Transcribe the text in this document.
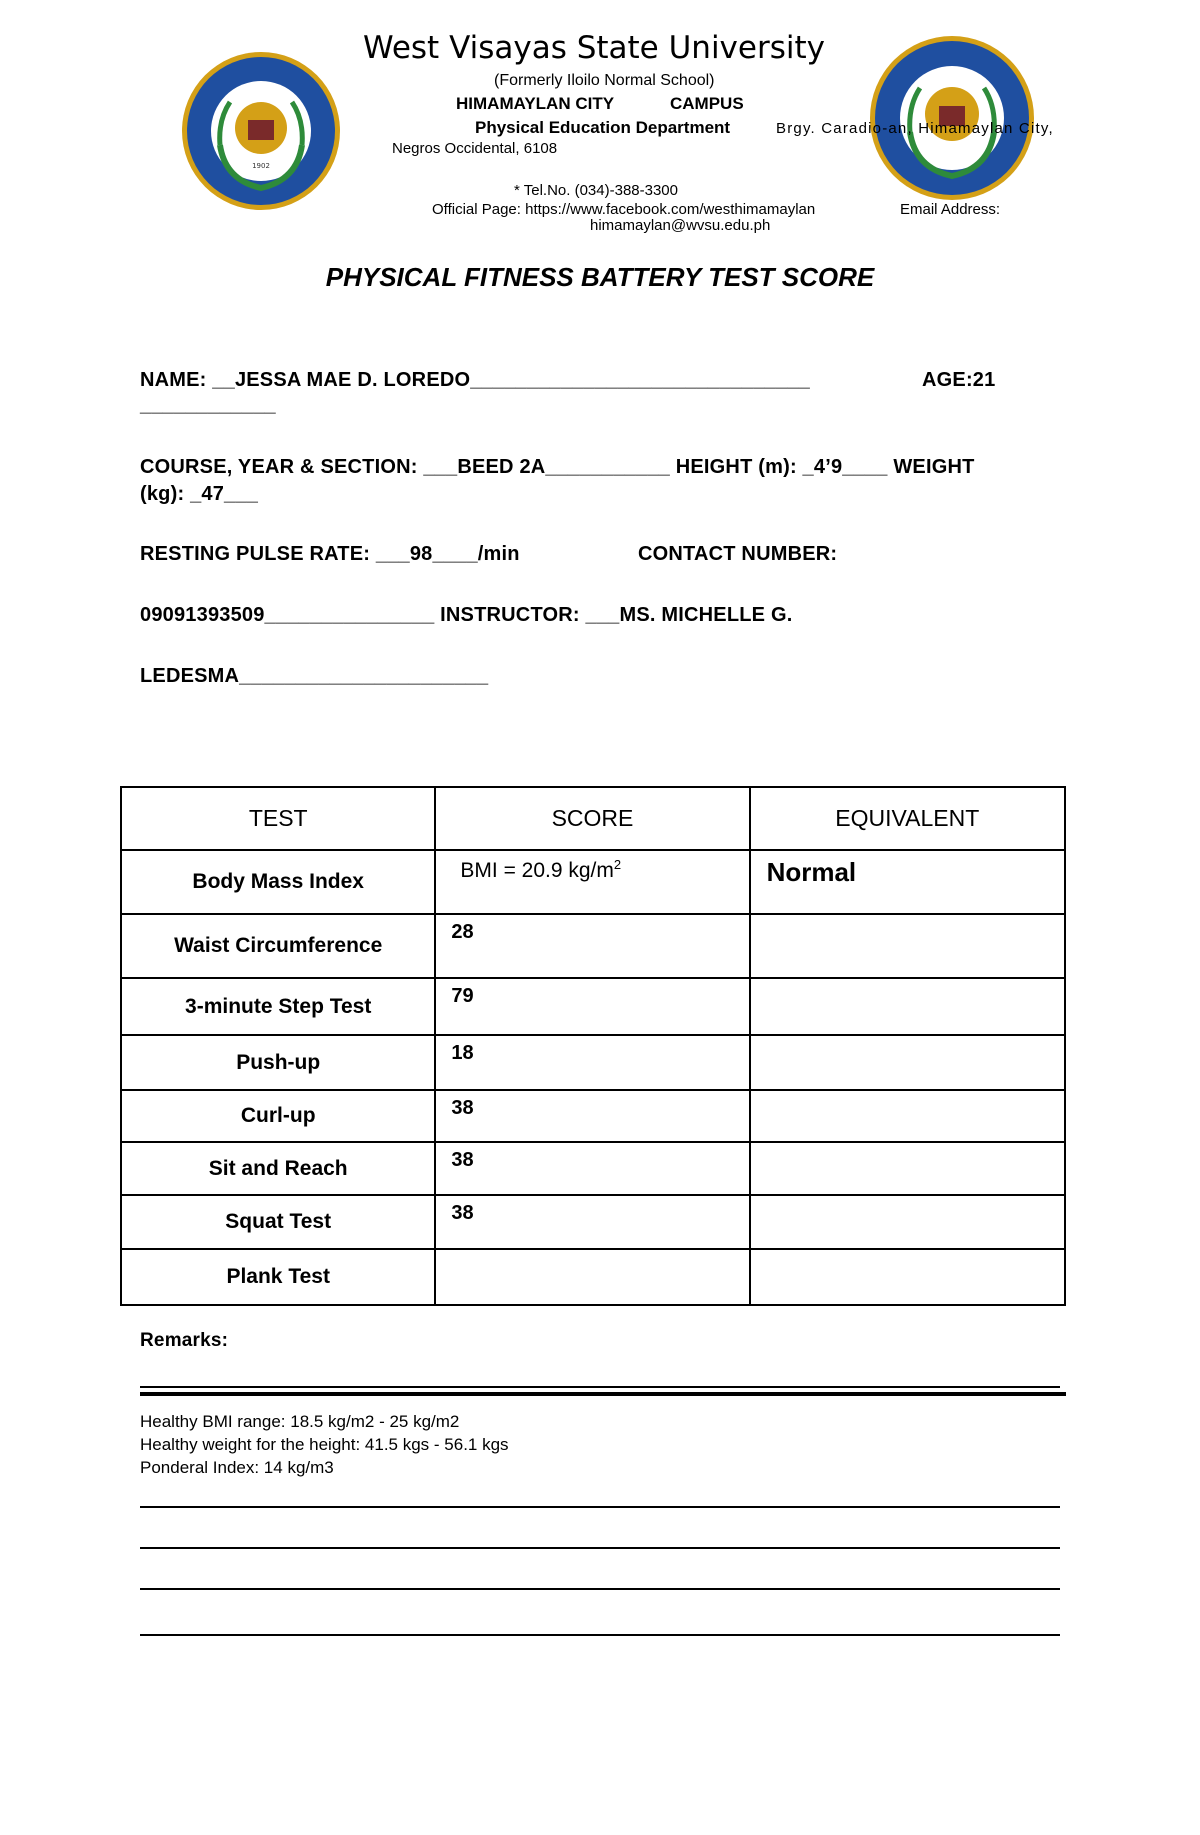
1902
West Visayas State University
(Formerly Iloilo Normal School)
HIMAMAYLAN CITY	CAMPUS
Physical Education Department	Brgy. Caradio-an, Himamaylan City,
Negros Occidental, 6108
* Tel.No. (034)-388-3300
Official Page: https://www.facebook.com/westhimamaylan	Email Address:
himamaylan@wvsu.edu.ph
PHYSICAL FITNESS BATTERY TEST SCORE
NAME: __JESSA MAE D. LOREDO______________________________	AGE:21
____________
COURSE, YEAR & SECTION: ___BEED 2A___________ HEIGHT (m): _4’9____ WEIGHT
(kg): _47___
RESTING PULSE RATE: ___98____/min	CONTACT NUMBER:
09091393509_______________ INSTRUCTOR: ___MS. MICHELLE G.
LEDESMA______________________
TEST	SCORE	EQUIVALENT
Body Mass Index	BMI = 20.9 $kg/m^2$	Normal

Waist Circumference	28	

3-minute Step Test	79	

Push-up	18	

Curl-up	38	

Sit and Reach	38	

Squat Test	38	

Plank Test	

Remarks:
Healthy BMI range: 18.5 kg/m2 - 25 kg/m2
Healthy weight for the height: 41.5 kgs - 56.1 kgs
Ponderal Index: 14 kg/m3
